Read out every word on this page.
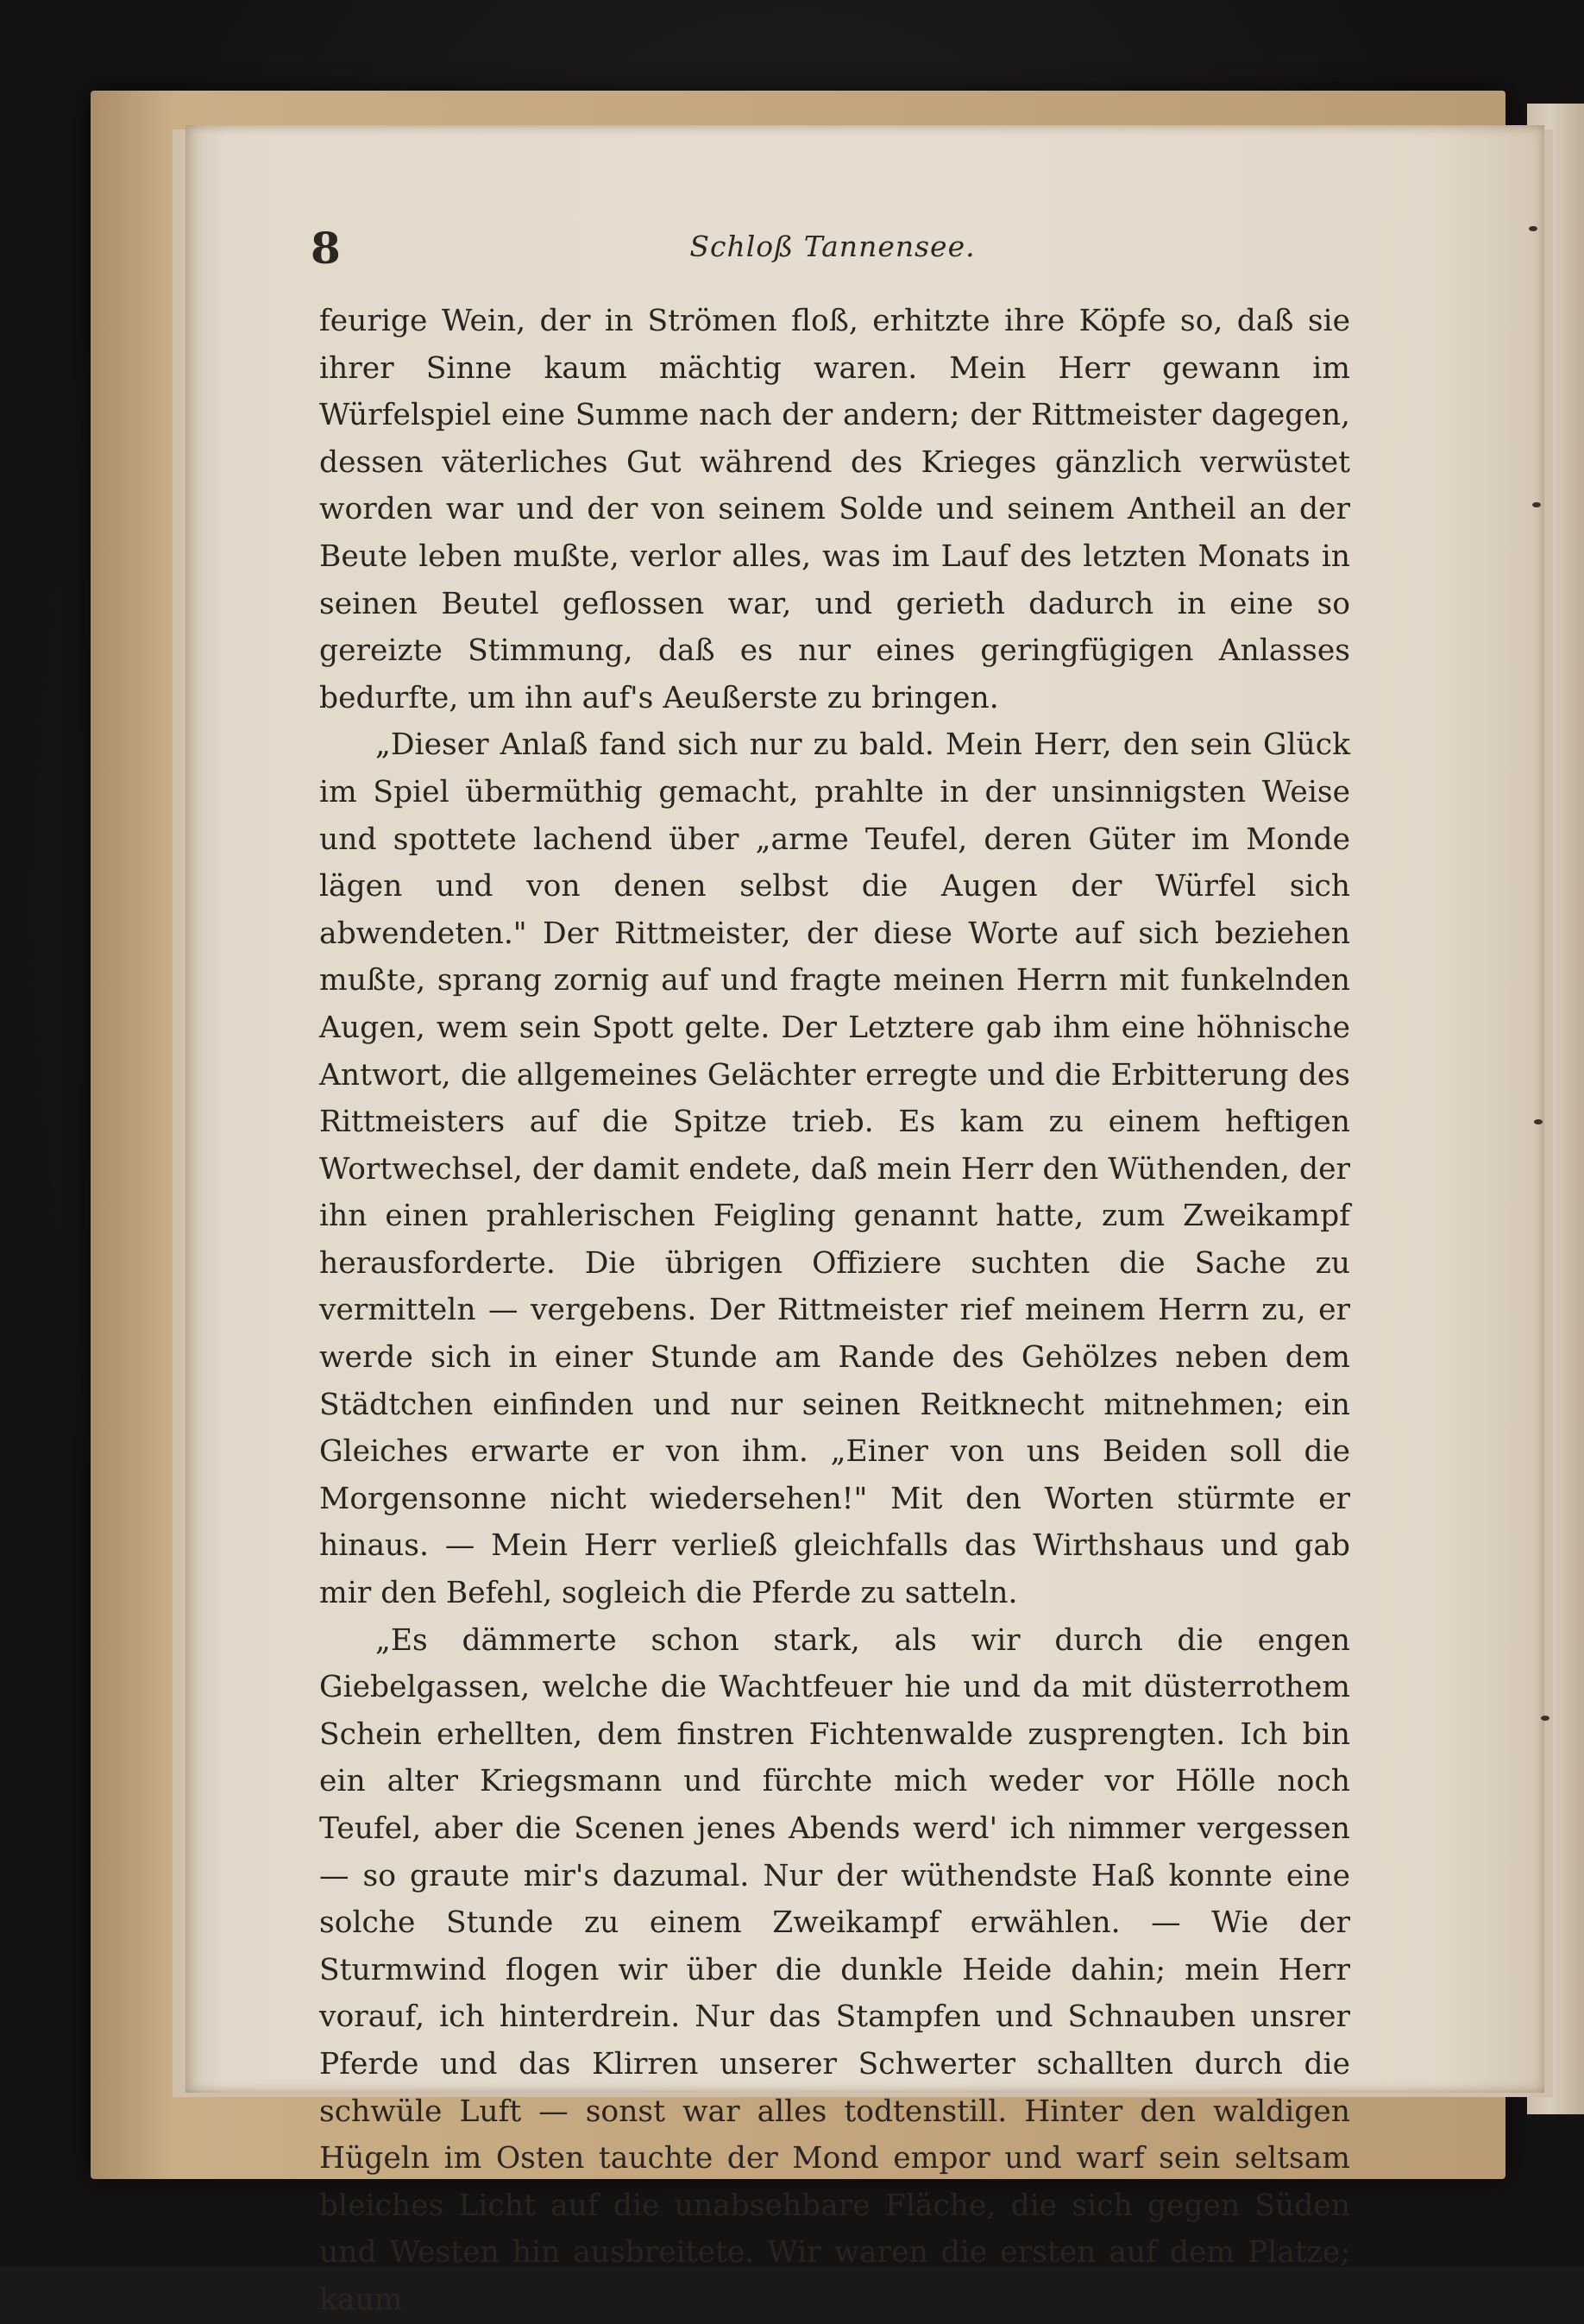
8	Schloß Tannensee.

feurige Wein, der in Strömen floß, erhitzte ihre Köpfe so, daß sie ihrer Sinne kaum mächtig waren. Mein Herr gewann im Würfelspiel eine Summe nach der andern; der Rittmeister dagegen, dessen väterliches Gut während des Krieges gänzlich verwüstet worden war und der von seinem Solde und seinem Antheil an der Beute leben mußte, verlor alles, was im Lauf des letzten Monats in seinen Beutel geflossen war, und gerieth dadurch in eine so gereizte Stimmung, daß es nur eines geringfügigen Anlasses bedurfte, um ihn auf's Aeußerste zu bringen.

„Dieser Anlaß fand sich nur zu bald. Mein Herr, den sein Glück im Spiel übermüthig gemacht, prahlte in der unsinnigsten Weise und spottete lachend über „arme Teufel, deren Güter im Monde lägen und von denen selbst die Augen der Würfel sich abwendeten." Der Rittmeister, der diese Worte auf sich beziehen mußte, sprang zornig auf und fragte meinen Herrn mit funkelnden Augen, wem sein Spott gelte. Der Letztere gab ihm eine höhnische Antwort, die allgemeines Gelächter erregte und die Erbitterung des Rittmeisters auf die Spitze trieb. Es kam zu einem heftigen Wortwechsel, der damit endete, daß mein Herr den Wüthenden, der ihn einen prahlerischen Feigling genannt hatte, zum Zweikampf herausforderte. Die übrigen Offiziere suchten die Sache zu vermitteln — vergebens. Der Rittmeister rief meinem Herrn zu, er werde sich in einer Stunde am Rande des Gehölzes neben dem Städtchen einfinden und nur seinen Reitknecht mitnehmen; ein Gleiches erwarte er von ihm. „Einer von uns Beiden soll die Morgensonne nicht wiedersehen!" Mit den Worten stürmte er hinaus. — Mein Herr verließ gleichfalls das Wirthshaus und gab mir den Befehl, sogleich die Pferde zu satteln.

„Es dämmerte schon stark, als wir durch die engen Giebelgassen, welche die Wachtfeuer hie und da mit düsterrothem Schein erhellten, dem finstren Fichtenwalde zusprengten. Ich bin ein alter Kriegsmann und fürchte mich weder vor Hölle noch Teufel, aber die Scenen jenes Abends werd' ich nimmer vergessen — so graute mir's dazumal. Nur der wüthendste Haß konnte eine solche Stunde zu einem Zweikampf erwählen. — Wie der Sturmwind flogen wir über die dunkle Heide dahin; mein Herr vorauf, ich hinterdrein. Nur das Stampfen und Schnauben unsrer Pferde und das Klirren unserer Schwerter schallten durch die schwüle Luft — sonst war alles todtenstill. Hinter den waldigen Hügeln im Osten tauchte der Mond empor und warf sein seltsam bleiches Licht auf die unabsehbare Fläche, die sich gegen Süden und Westen hin ausbreitete. Wir waren die ersten auf dem Platze; kaum
